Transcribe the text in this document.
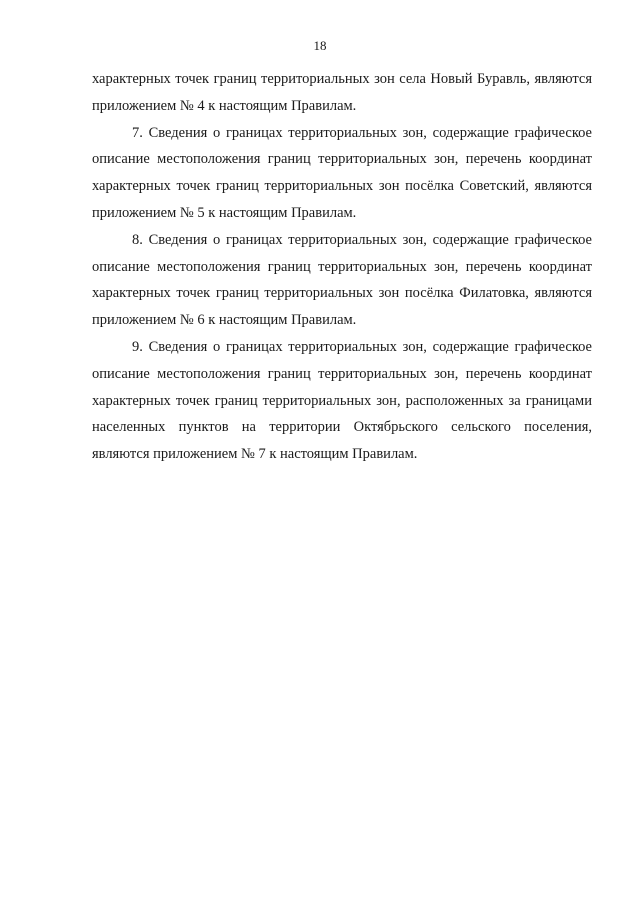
18

характерных точек границ территориальных зон села Новый Буравль, являются приложением № 4 к настоящим Правилам.

7. Сведения о границах территориальных зон, содержащие графическое описание местоположения границ территориальных зон, перечень координат характерных точек границ территориальных зон посёлка Советский, являются приложением № 5 к настоящим Правилам.

8. Сведения о границах территориальных зон, содержащие графическое описание местоположения границ территориальных зон, перечень координат характерных точек границ территориальных зон посёлка Филатовка, являются приложением № 6 к настоящим Правилам.

9. Сведения о границах территориальных зон, содержащие графическое описание местоположения границ территориальных зон, перечень координат характерных точек границ территориальных зон, расположенных за границами населенных пунктов на территории Октябрьского сельского поселения, являются приложением № 7 к настоящим Правилам.
